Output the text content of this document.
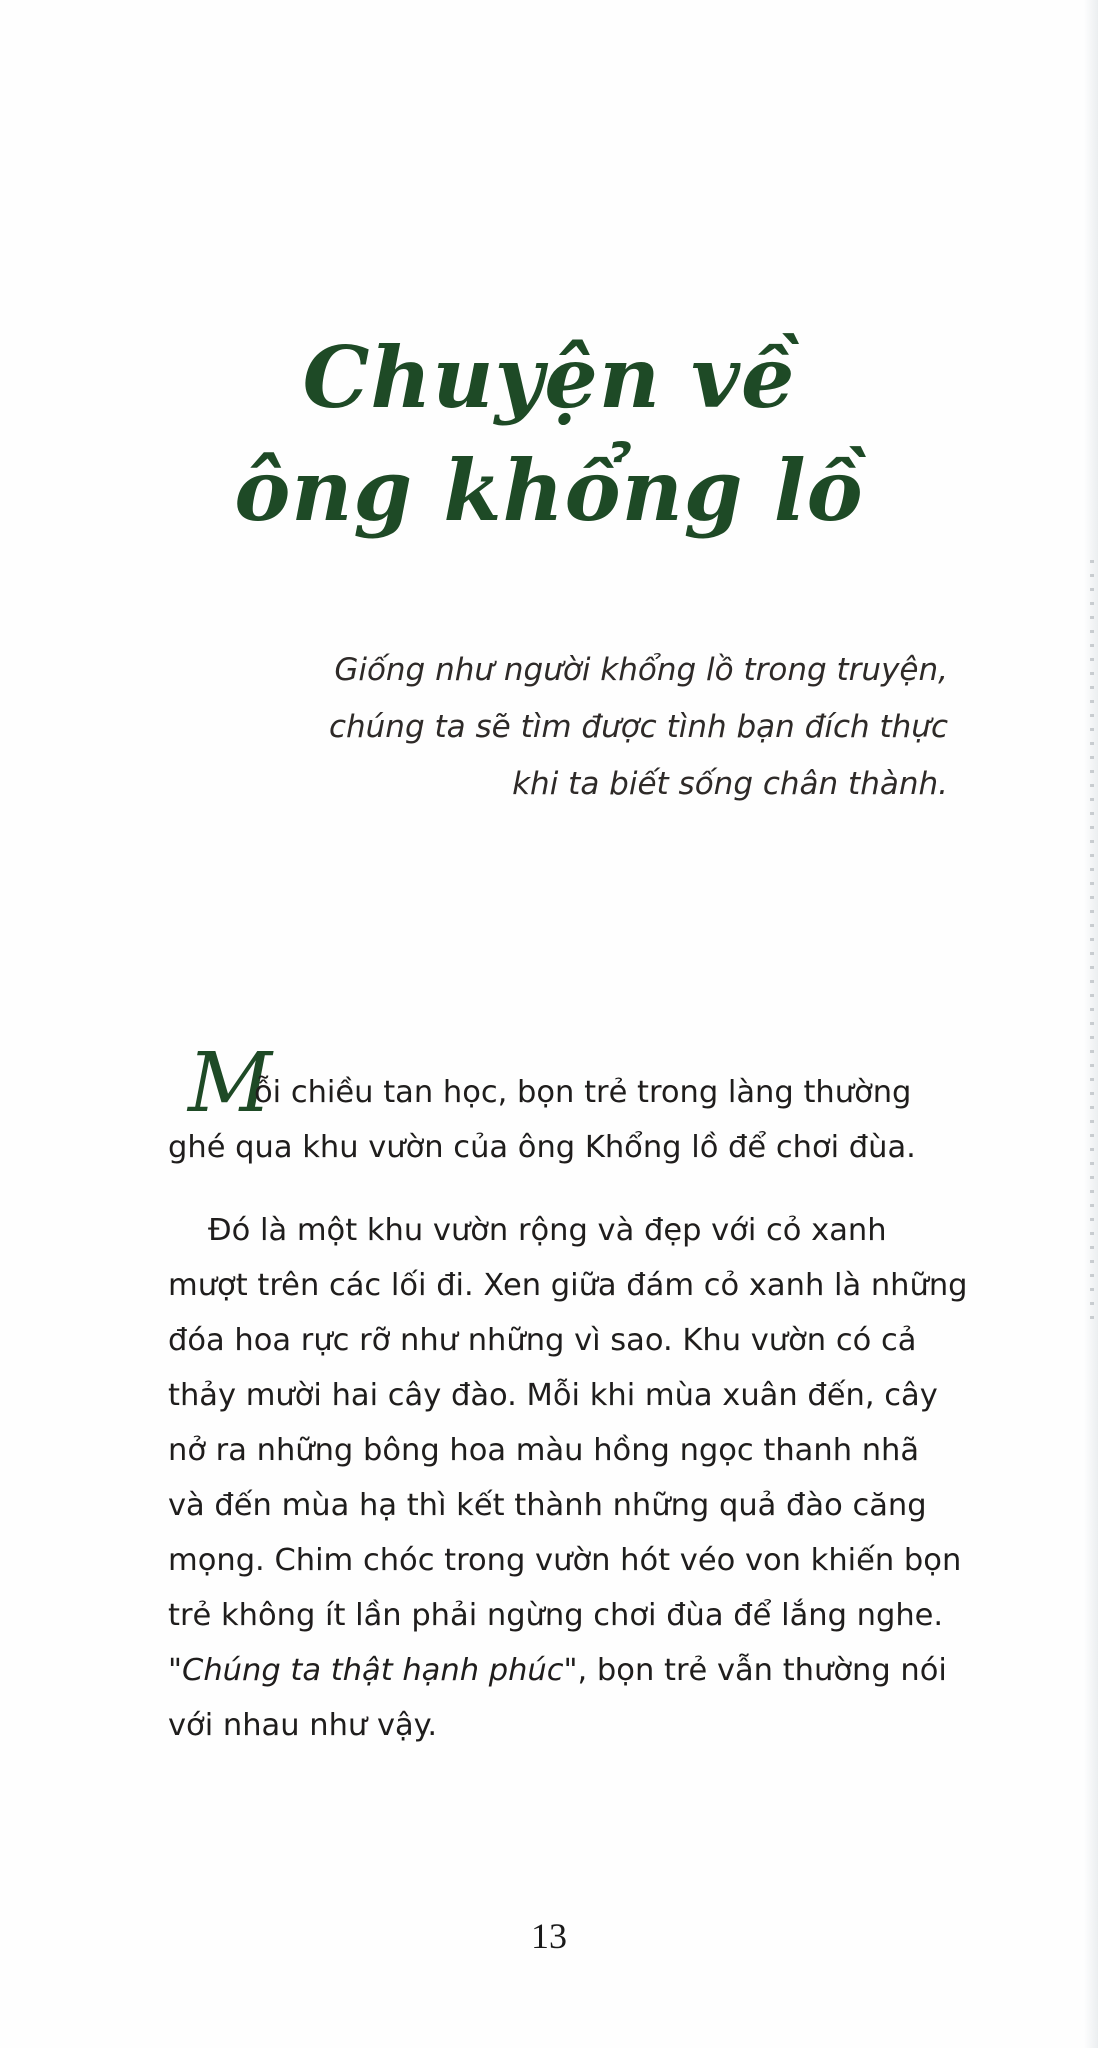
Chuyện về
ông khổng lồ

Giống như người khổng lồ trong truyện,

chúng ta sẽ tìm được tình bạn đích thực

khi ta biết sống chân thành.

M
ỗi chiều tan học, bọn trẻ trong làng thường
ghé qua khu vườn của ông Khổng lồ để chơi đùa.
Đó là một khu vườn rộng và đẹp với cỏ xanh
mượt trên các lối đi. Xen giữa đám cỏ xanh là những
đóa hoa rực rỡ như những vì sao. Khu vườn có cả
thảy mười hai cây đào. Mỗi khi mùa xuân đến, cây
nở ra những bông hoa màu hồng ngọc thanh nhã
và đến mùa hạ thì kết thành những quả đào căng
mọng. Chim chóc trong vườn hót véo von khiến bọn
trẻ không ít lần phải ngừng chơi đùa để lắng nghe.
"Chúng ta thật hạnh phúc", bọn trẻ vẫn thường nói
với nhau như vậy.

13
